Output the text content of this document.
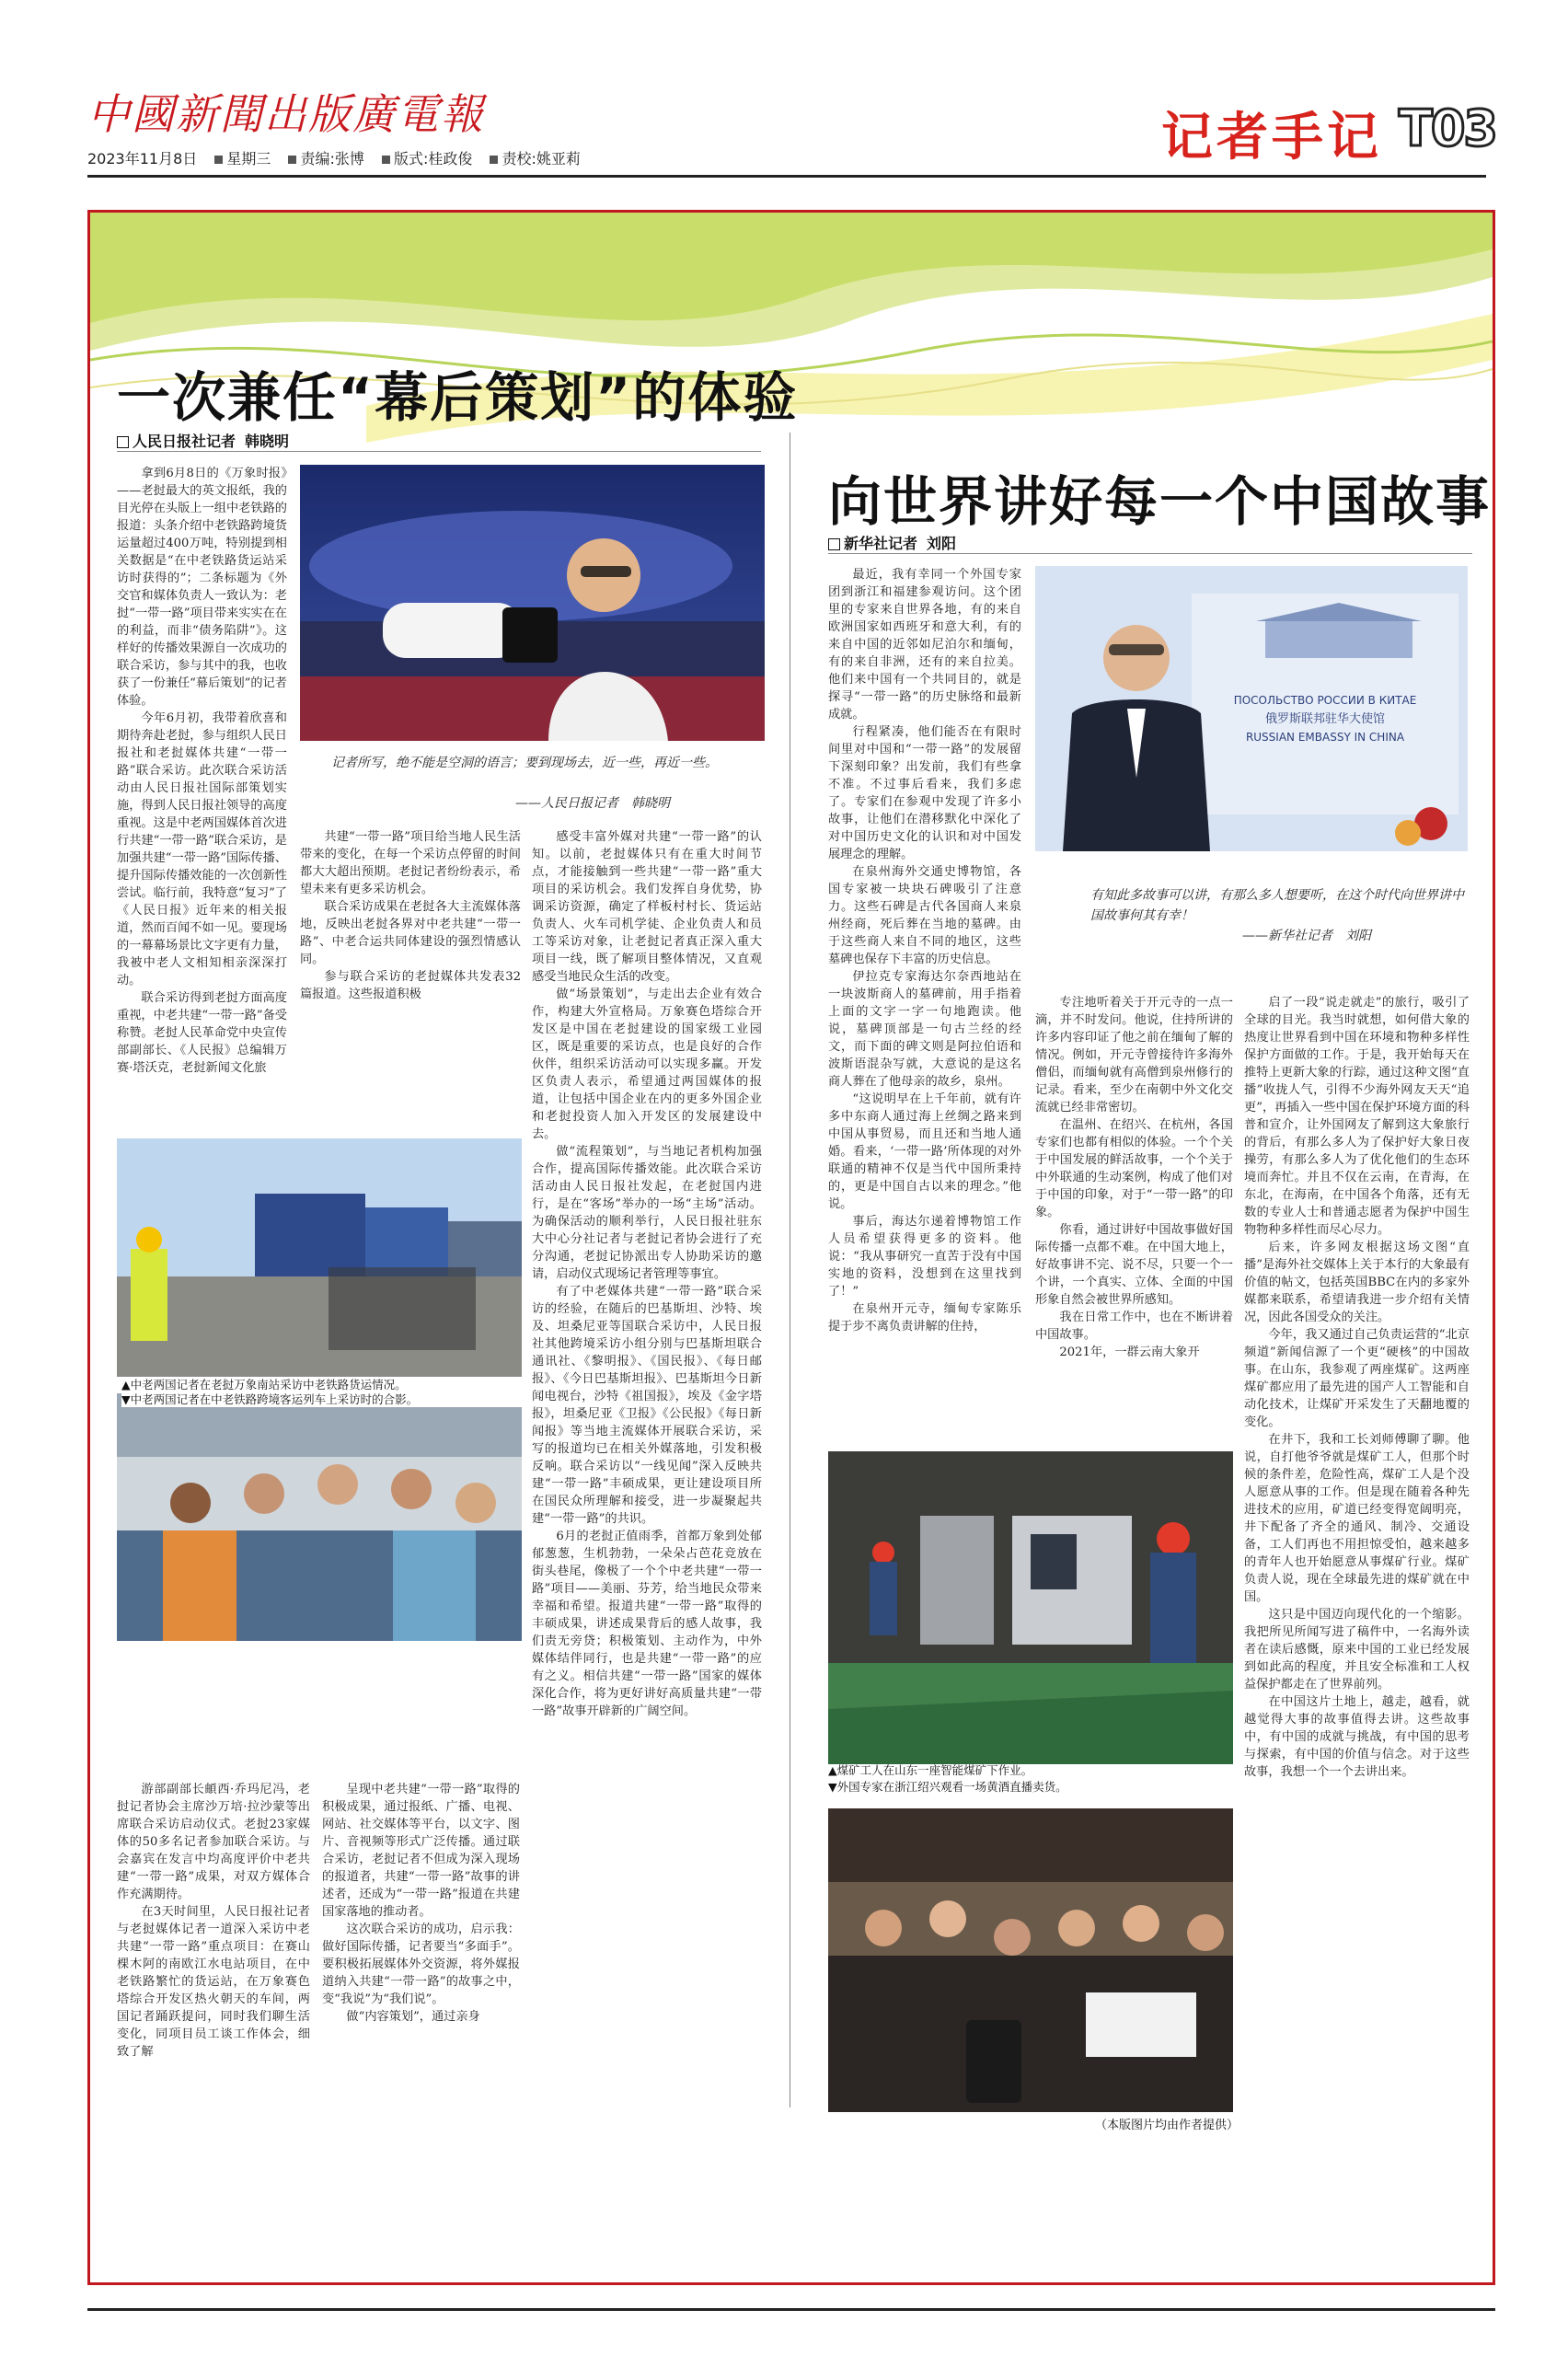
中國新聞出版廣電報
2023年11月8日 星期三 责编:张博 版式:桂政俊 责校:姚亚莉	记者手记 T03
一次兼任“幕后策划”的体验
人民日报社记者 韩晓明

拿到6月8日的《万象时报》——老挝最大的英文报纸，我的目光停在头版上一组中老铁路的报道：头条介绍中老铁路跨境货运量超过400万吨，特别提到相关数据是“在中老铁路货运站采访时获得的”；二条标题为《外交官和媒体负责人一致认为：老挝“一带一路”项目带来实实在在的利益，而非“债务陷阱”》。这样好的传播效果源自一次成功的联合采访，参与其中的我，也收获了一份兼任“幕后策划”的记者体验。

今年6月初，我带着欣喜和期待奔赴老挝，参与组织人民日报社和老挝媒体共建“一带一路”联合采访。此次联合采访活动由人民日报社国际部策划实施，得到人民日报社领导的高度重视。这是中老两国媒体首次进行共建“一带一路”联合采访，是加强共建“一带一路”国际传播、提升国际传播效能的一次创新性尝试。临行前，我特意“复习”了《人民日报》近年来的相关报道，然而百闻不如一见。要现场的一幕幕场景比文字更有力量，我被中老人文相知相亲深深打动。

联合采访得到老挝方面高度重视，中老共建“一带一路”备受称赞。老挝人民革命党中央宣传部副部长、《人民报》总编辑万赛·塔沃克，老挝新闻文化旅

记者所写，绝不能是空洞的语言；要到现场去，近一些，再近一些。
——人民日报记者　韩晓明

共建“一带一路”项目给当地人民生活带来的变化，在每一个采访点停留的时间都大大超出预期。老挝记者纷纷表示，希望未来有更多采访机会。

联合采访成果在老挝各大主流媒体落地，反映出老挝各界对中老共建“一带一路”、中老合运共同体建设的强烈情感认同。

参与联合采访的老挝媒体共发表32篇报道。这些报道积极

感受丰富外媒对共建“一带一路”的认知。以前，老挝媒体只有在重大时间节点，才能接触到一些共建“一带一路”重大项目的采访机会。我们发挥自身优势，协调采访资源，确定了样板村村长、货运站负责人、火车司机学徒、企业负责人和员工等采访对象，让老挝记者真正深入重大项目一线，既了解项目整体情况，又直观感受当地民众生活的改变。

做“场景策划”，与走出去企业有效合作，构建大外宣格局。万象赛色塔综合开发区是中国在老挝建设的国家级工业园区，既是重要的采访点，也是良好的合作伙伴，组织采访活动可以实现多赢。开发区负责人表示，希望通过两国媒体的报道，让包括中国企业在内的更多外国企业和老挝投资人加入开发区的发展建设中去。

做“流程策划”，与当地记者机构加强合作，提高国际传播效能。此次联合采访活动由人民日报社发起，在老挝国内进行，是在“客场”举办的一场“主场”活动。为确保活动的顺利举行，人民日报社驻东大中心分社记者与老挝记者协会进行了充分沟通，老挝记协派出专人协助采访的邀请，启动仪式现场记者管理等事宜。

有了中老媒体共建“一带一路”联合采访的经验，在随后的巴基斯坦、沙特、埃及、坦桑尼亚等国联合采访中，人民日报社其他跨境采访小组分别与巴基斯坦联合通讯社、《黎明报》、《国民报》、《每日邮报》、《今日巴基斯坦报》、巴基斯坦今日新闻电视台，沙特《祖国报》，埃及《金字塔报》，坦桑尼亚《卫报》《公民报》《每日新闻报》等当地主流媒体开展联合采访，采写的报道均已在相关外媒落地，引发积极反响。联合采访以“一线见闻”深入反映共建“一带一路”丰硕成果，更让建设项目所在国民众所理解和接受，进一步凝聚起共建“一带一路”的共识。

6月的老挝正值雨季，首都万象到处郁郁葱葱，生机勃勃，一朵朵占芭花竞放在街头巷尾，像极了一个个中老共建“一带一路”项目——美丽、芬芳，给当地民众带来幸福和希望。报道共建“一带一路”取得的丰硕成果，讲述成果背后的感人故事，我们责无旁贷；积极策划、主动作为，中外媒体结伴同行，也是共建“一带一路”的应有之义。相信共建“一带一路”国家的媒体深化合作，将为更好讲好高质量共建“一带一路”故事开辟新的广阔空间。

游部副部长頔西·乔玛尼冯，老挝记者协会主席沙万培·拉沙蒙等出席联合采访启动仪式。老挝23家媒体的50多名记者参加联合采访。与会嘉宾在发言中均高度评价中老共建“一带一路”成果，对双方媒体合作充满期待。

在3天时间里，人民日报社记者与老挝媒体记者一道深入采访中老共建“一带一路”重点项目：在赛山棵木阿的南欧江水电站项目，在中老铁路繁忙的货运站，在万象赛色塔综合开发区热火朝天的车间，两国记者踊跃提问，同时我们聊生活变化，同项目员工谈工作体会，细致了解

呈现中老共建“一带一路”取得的积极成果，通过报纸、广播、电视、网站、社交媒体等平台，以文字、图片、音视频等形式广泛传播。通过联合采访，老挝记者不但成为深入现场的报道者，共建“一带一路”故事的讲述者，还成为“一带一路”报道在共建国家落地的推动者。

这次联合采访的成功，启示我：做好国际传播，记者要当“多面手”。要积极拓展媒体外交资源，将外媒报道纳入共建“一带一路”的故事之中，变“我说”为“我们说”。

做“内容策划”，通过亲身

向世界讲好每一个中国故事
新华社记者 刘阳

最近，我有幸同一个外国专家团到浙江和福建参观访问。这个团里的专家来自世界各地，有的来自欧洲国家如西班牙和意大利，有的来自中国的近邻如尼泊尔和缅甸，有的来自非洲，还有的来自拉美。他们来中国有一个共同目的，就是探寻“一带一路”的历史脉络和最新成就。

行程紧凑，他们能否在有限时间里对中国和“一带一路”的发展留下深刻印象？出发前，我们有些拿不准。不过事后看来，我们多虑了。专家们在参观中发现了许多小故事，让他们在潜移默化中深化了对中国历史文化的认识和对中国发展理念的理解。

在泉州海外交通史博物馆，各国专家被一块块石碑吸引了注意力。这些石碑是古代各国商人来泉州经商，死后葬在当地的墓碑。由于这些商人来自不同的地区，这些墓碑也保存下丰富的历史信息。

伊拉克专家海达尔奈西地站在一块波斯商人的墓碑前，用手指着上面的文字一字一句地跑读。他说，墓碑顶部是一句古兰经的经文，而下面的碑文则是阿拉伯语和波斯语混杂写就，大意说的是这名商人葬在了他母亲的故乡，泉州。

“这说明早在上千年前，就有许多中东商人通过海上丝绸之路来到中国从事贸易，而且还和当地人通婚。看来，‘一带一路’所体现的对外联通的精神不仅是当代中国所秉持的，更是中国自古以来的理念。”他说。

事后，海达尔递着博物馆工作人员希望获得更多的资料。他说：“我从事研究一直苦于没有中国实地的资料，没想到在这里找到了！”

在泉州开元寺，缅甸专家陈乐提于步不离负责讲解的住持，

ПОСОЛЬСТВО РОССИИ В КИТАЕ
俄罗斯联邦驻华大使馆
RUSSIAN EMBASSY IN CHINA
有知此多故事可以讲，有那么多人想要听，在这个时代向世界讲中国故事何其有幸！
——新华社记者　刘阳

专注地听着关于开元寺的一点一滴，并不时发问。他说，住持所讲的许多内容印证了他之前在缅甸了解的情况。例如，开元寺曾接待许多海外僧侣，而缅甸就有高僧到泉州修行的记录。看来，至少在南朝中外文化交流就已经非常密切。

在温州、在绍兴、在杭州，各国专家们也都有相似的体验。一个个关于中国发展的鲜活故事，一个个关于中外联通的生动案例，构成了他们对于中国的印象，对于“一带一路”的印象。

你看，通过讲好中国故事做好国际传播一点都不难。在中国大地上，好故事讲不完、说不尽，只要一个一个讲，一个真实、立体、全面的中国形象自然会被世界所感知。

我在日常工作中，也在不断讲着中国故事。

2021年，一群云南大象开

启了一段“说走就走”的旅行，吸引了全球的目光。我当时就想，如何借大象的热度让世界看到中国在环境和物种多样性保护方面做的工作。于是，我开始每天在推特上更新大象的行踪，通过这种文图“直播”收拢人气，引得不少海外网友天天“追更”，再插入一些中国在保护环境方面的科普和宣介，让外国网友了解到这大象旅行的背后，有那么多人为了保护好大象日夜操劳，有那么多人为了优化他们的生态环境而奔忙。并且不仅在云南，在青海，在东北，在海南，在中国各个角落，还有无数的专业人士和普通志愿者为保护中国生物物种多样性而尽心尽力。

后来，许多网友根据这场文图“直播”是海外社交媒体上关于本行的大象最有价值的帖文，包括英国BBC在内的多家外媒都来联系，希望请我进一步介绍有关情况，因此各国受众的关注。

今年，我又通过自己负责运营的“北京频道”新闻信源了一个更“硬核”的中国故事。在山东，我参观了两座煤矿。这两座煤矿都应用了最先进的国产人工智能和自动化技术，让煤矿开采发生了天翻地覆的变化。

在井下，我和工长刘师傅聊了聊。他说，自打他爷爷就是煤矿工人，但那个时候的条件差，危险性高，煤矿工人是个没人愿意从事的工作。但是现在随着各种先进技术的应用，矿道已经变得宽阔明亮，井下配备了齐全的通风、制冷、交通设备，工人们再也不用担惊受怕，越来越多的青年人也开始愿意从事煤矿行业。煤矿负责人说，现在全球最先进的煤矿就在中国。

这只是中国迈向现代化的一个缩影。我把所见所闻写进了稿件中，一名海外读者在读后感慨，原来中国的工业已经发展到如此高的程度，并且安全标准和工人权益保护都走在了世界前列。

在中国这片土地上，越走，越看，就越觉得大事的故事值得去讲。这些故事中，有中国的成就与挑战，有中国的思考与探索，有中国的价值与信念。对于这些故事，我想一个一个去讲出来。

▲煤矿工人在山东一座智能煤矿下作业。
▼外国专家在浙江绍兴观看一场黄酒直播卖货。
（本版图片均由作者提供）
▲中老两国记者在老挝万象南站采访中老铁路货运情况。
▼中老两国记者在中老铁路跨境客运列车上采访时的合影。
